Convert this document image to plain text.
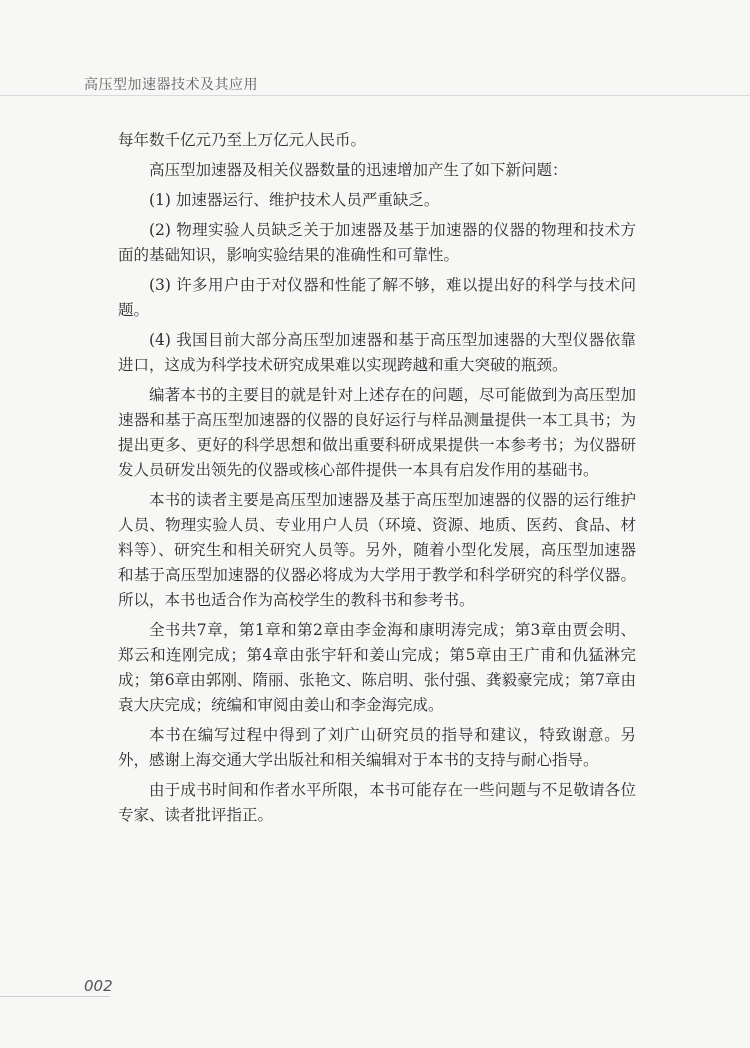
高压型加速器技术及其应用

每年数千亿元乃至上万亿元人民币。

高压型加速器及相关仪器数量的迅速增加产生了如下新问题：

(1) 加速器运行、维护技术人员严重缺乏。

(2) 物理实验人员缺乏关于加速器及基于加速器的仪器的物理和技术方面的基础知识，影响实验结果的准确性和可靠性。

(3) 许多用户由于对仪器和性能了解不够，难以提出好的科学与技术问题。

(4) 我国目前大部分高压型加速器和基于高压型加速器的大型仪器依靠进口，这成为科学技术研究成果难以实现跨越和重大突破的瓶颈。

编著本书的主要目的就是针对上述存在的问题，尽可能做到为高压型加速器和基于高压型加速器的仪器的良好运行与样品测量提供一本工具书；为提出更多、更好的科学思想和做出重要科研成果提供一本参考书；为仪器研发人员研发出领先的仪器或核心部件提供一本具有启发作用的基础书。

本书的读者主要是高压型加速器及基于高压型加速器的仪器的运行维护人员、物理实验人员、专业用户人员（环境、资源、地质、医药、食品、材料等）、研究生和相关研究人员等。另外，随着小型化发展，高压型加速器和基于高压型加速器的仪器必将成为大学用于教学和科学研究的科学仪器。所以，本书也适合作为高校学生的教科书和参考书。

全书共7章，第1章和第2章由李金海和康明涛完成；第3章由贾会明、郑云和连刚完成；第4章由张宇轩和姜山完成；第5章由王广甫和仇猛淋完成；第6章由郭刚、隋丽、张艳文、陈启明、张付强、龚毅豪完成；第7章由袁大庆完成；统编和审阅由姜山和李金海完成。

本书在编写过程中得到了刘广山研究员的指导和建议，特致谢意。另外，感谢上海交通大学出版社和相关编辑对于本书的支持与耐心指导。

由于成书时间和作者水平所限，本书可能存在一些问题与不足敬请各位专家、读者批评指正。

002
